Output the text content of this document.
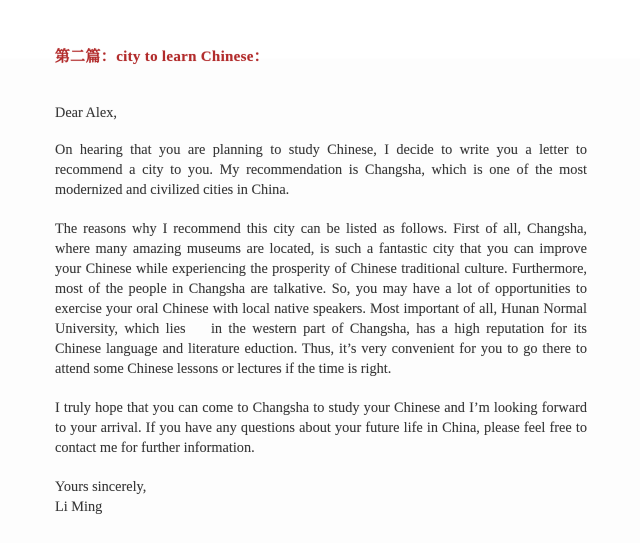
第二篇：city to learn Chinese：

Dear Alex,

On hearing that you are planning to study Chinese, I decide to write you a letter to recommend a city to you. My recommendation is Changsha, which is one of the most modernized and civilized cities in China.

The reasons why I recommend this city can be listed as follows. First of all, Changsha, where many amazing museums are located, is such a fantastic city that you can improve your Chinese while experiencing the prosperity of Chinese traditional culture. Furthermore, most of the people in Changsha are talkative. So, you may have a lot of opportunities to exercise your oral Chinese with local native speakers. Most important of all, Hunan Normal University, which lies    in the western part of Changsha, has a high reputation for its Chinese language and literature eduction. Thus, it’s very convenient for you to go there to attend some Chinese lessons or lectures if the time is right.

I truly hope that you can come to Changsha to study your Chinese and I’m looking forward to your arrival. If you have any questions about your future life in China, please feel free to contact me for further information.

Yours sincerely,

Li Ming
